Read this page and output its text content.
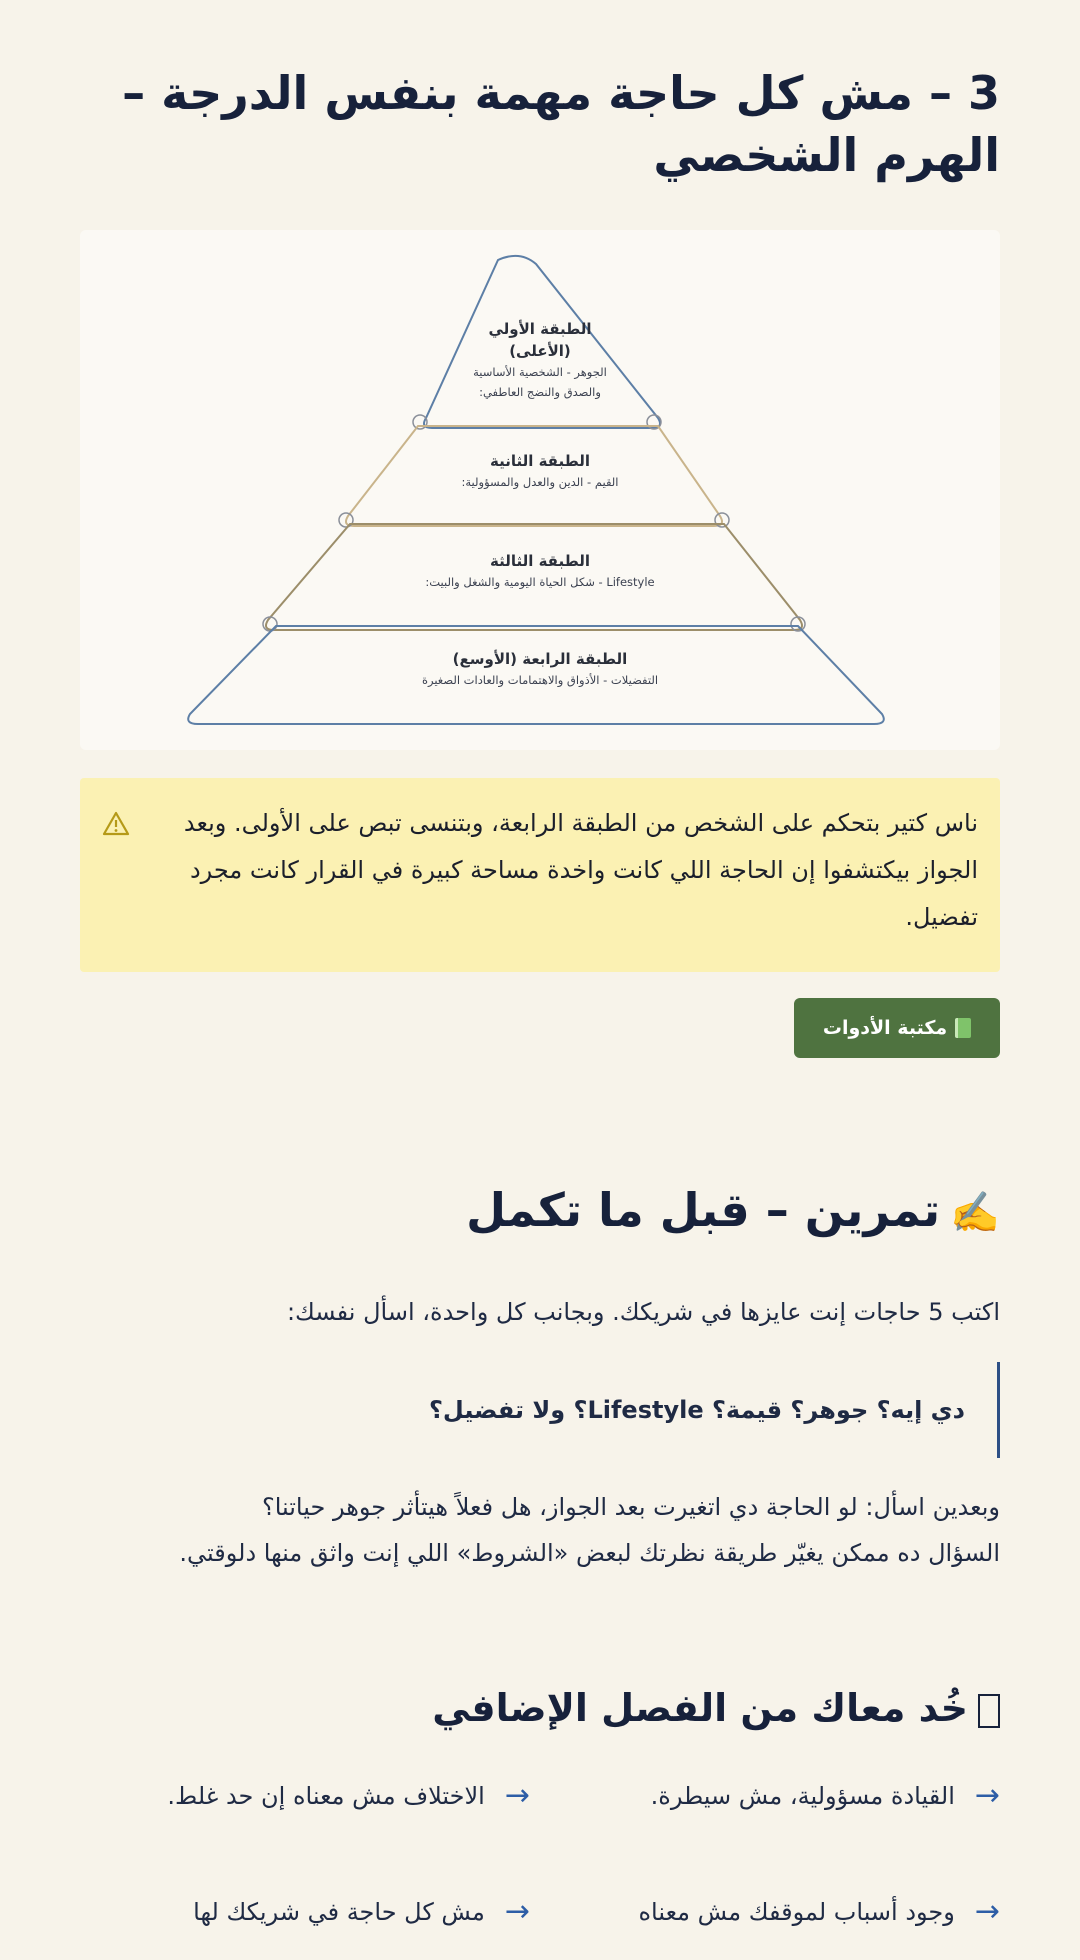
3 – مش كل حاجة مهمة بنفس الدرجة – الهرم الشخصي
الطبقة الأولي
(الأعلى)
الجوهر - الشخصية الأساسية
والصدق والنضج العاطفي:
الطبقة الثانية
القيم - الدين والعدل والمسؤولية:
الطبقة الثالثة
Lifestyle - شكل الحياة اليومية والشغل والبيت:
الطبقة الرابعة (الأوسع)
التفضيلات - الأذواق والاهتمامات والعادات الصغيرة
ناس كتير بتحكم على الشخص من الطبقة الرابعة، وبتنسى تبص على الأولى. وبعد الجواز بيكتشفوا إن الحاجة اللي كانت واخدة مساحة كبيرة في القرار كانت مجرد تفضيل.
مكتبة الأدوات
✍️تمرين – قبل ما تكمل
اكتب 5 حاجات إنت عايزها في شريكك. وبجانب كل واحدة، اسأل نفسك:
دي إيه؟ جوهر؟ قيمة؟ Lifestyle؟ ولا تفضيل؟
وبعدين اسأل: لو الحاجة دي اتغيرت بعد الجواز، هل فعلاً هيتأثر جوهر حياتنا؟
السؤال ده ممكن يغيّر طريقة نظرتك لبعض «الشروط» اللي إنت واثق منها دلوقتي.
خُد معاك من الفصل الإضافي
→
القيادة مسؤولية، مش سيطرة.
→
الاختلاف مش معناه إن حد غلط.
→
وجود أسباب لموقفك مش معناه
→
مش كل حاجة في شريكك لها
